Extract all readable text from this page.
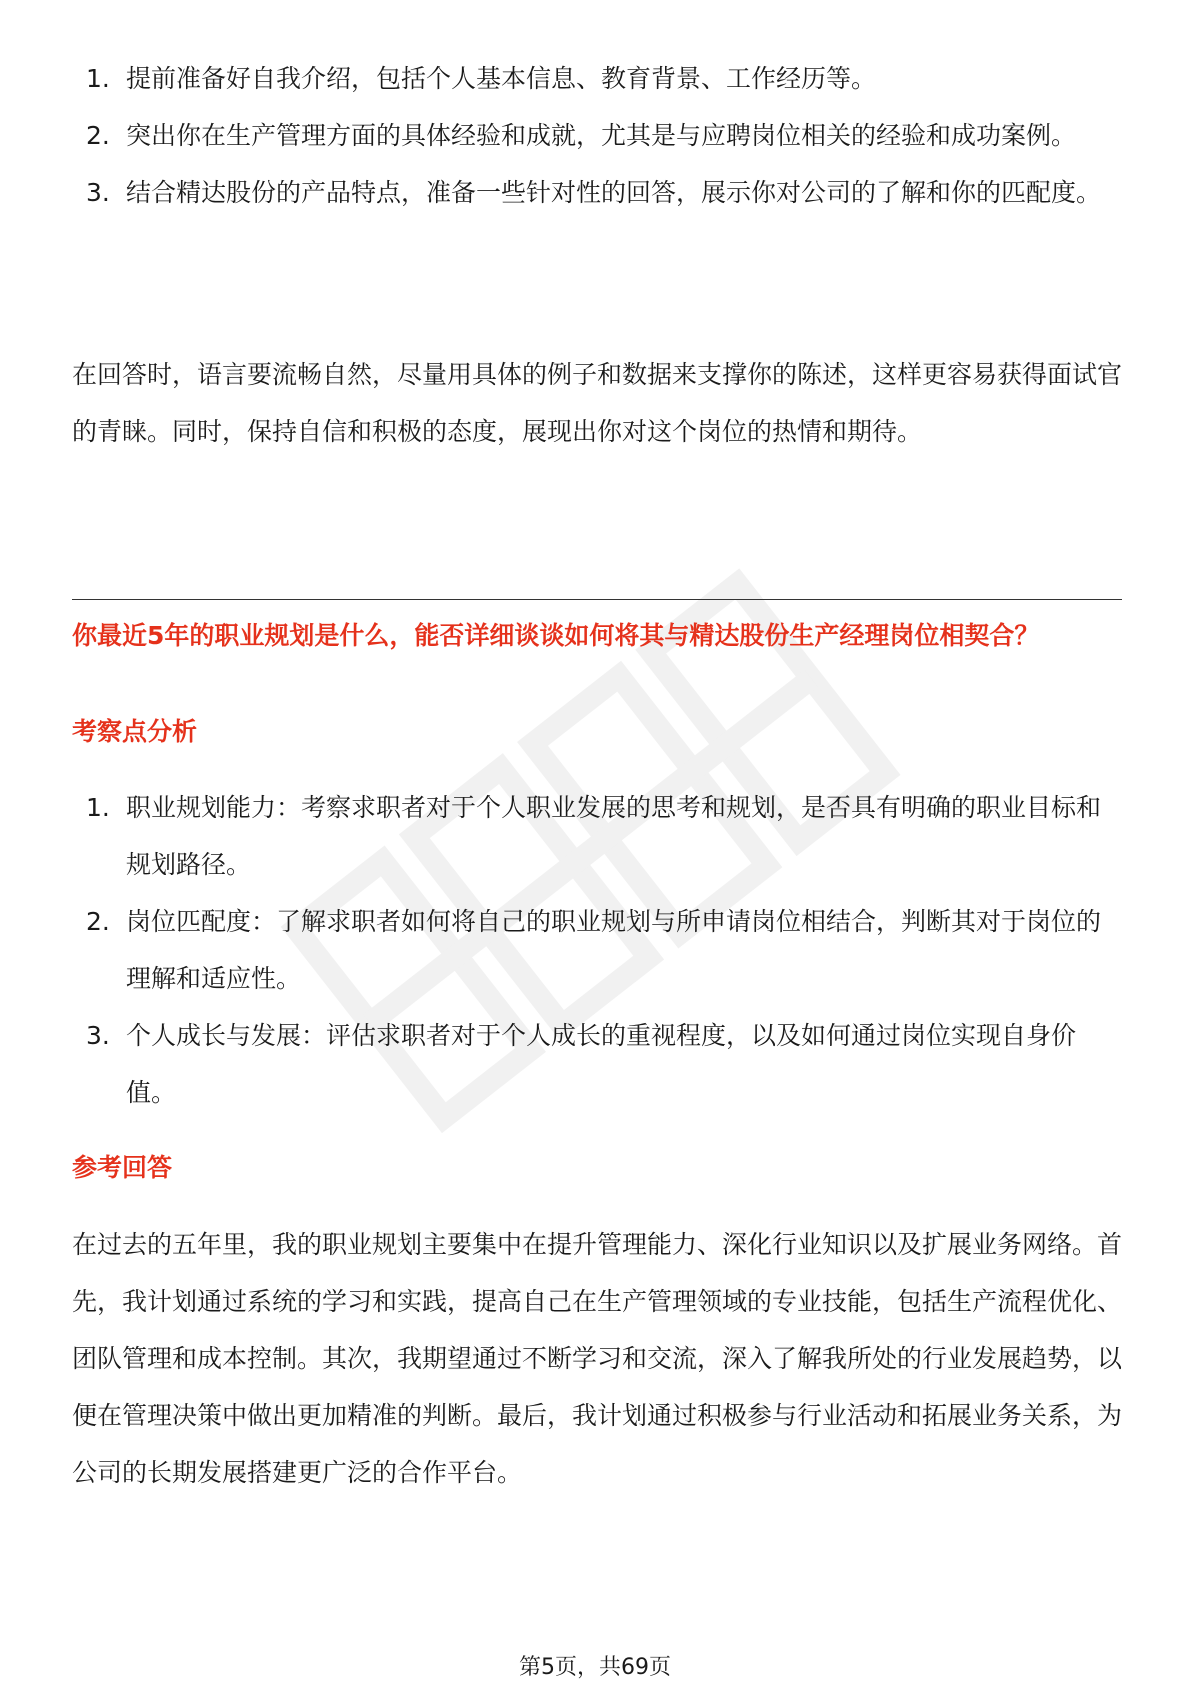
1. 提前准备好自我介绍，包括个人基本信息、教育背景、工作经历等。
2. 突出你在生产管理方面的具体经验和成就，尤其是与应聘岗位相关的经验和成功案例。
3. 结合精达股份的产品特点，准备一些针对性的回答，展示你对公司的了解和你的匹配度。

在回答时，语言要流畅自然，尽量用具体的例子和数据来支撑你的陈述，这样更容易获得面试官的青睐。同时，保持自信和积极的态度，展现出你对这个岗位的热情和期待。

你最近5年的职业规划是什么，能否详细谈谈如何将其与精达股份生产经理岗位相契合？

考察点分析

1. 职业规划能力：考察求职者对于个人职业发展的思考和规划，是否具有明确的职业目标和规划路径。
2. 岗位匹配度：了解求职者如何将自己的职业规划与所申请岗位相结合，判断其对于岗位的理解和适应性。
3. 个人成长与发展：评估求职者对于个人成长的重视程度，以及如何通过岗位实现自身价值。

参考回答

在过去的五年里，我的职业规划主要集中在提升管理能力、深化行业知识以及扩展业务网络。首先，我计划通过系统的学习和实践，提高自己在生产管理领域的专业技能，包括生产流程优化、团队管理和成本控制。其次，我期望通过不断学习和交流，深入了解我所处的行业发展趋势，以便在管理决策中做出更加精准的判断。最后，我计划通过积极参与行业活动和拓展业务关系，为公司的长期发展搭建更广泛的合作平台。

第5页，共69页
